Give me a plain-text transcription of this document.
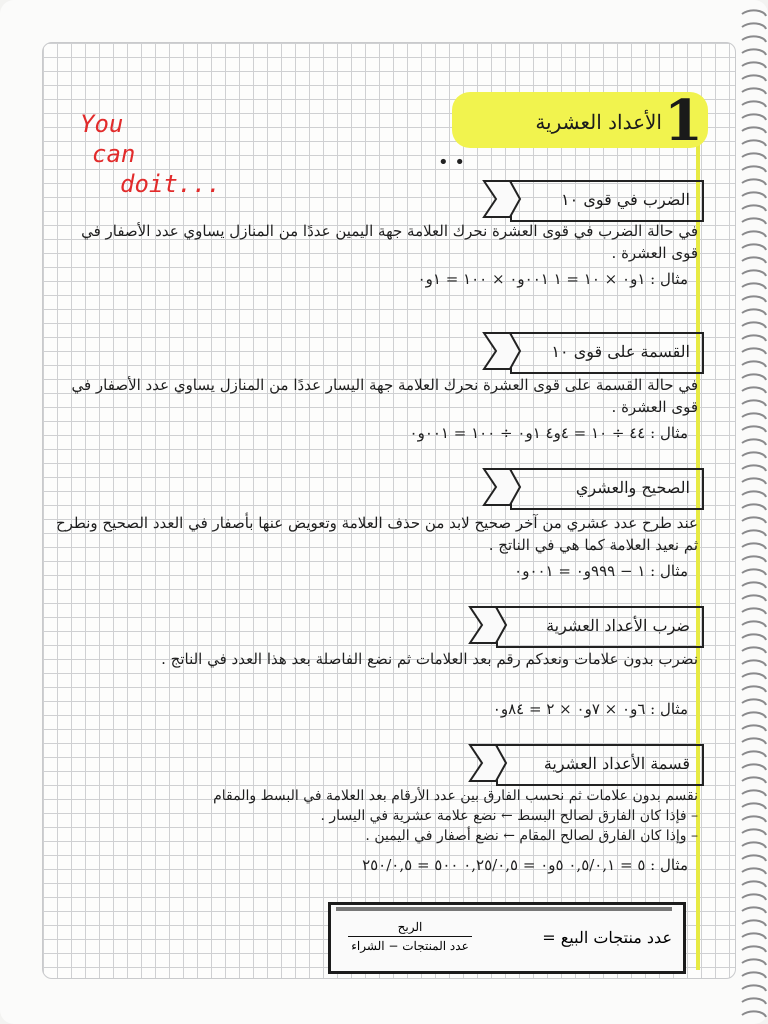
You
can
doit...
1
الأعداد العشرية
• •
الضرب في قوى ١٠
في حالة الضرب في قوى العشرة نحرك العلامة جهة اليمين عددًا من المنازل يساوي عدد الأصفار في قوى العشرة .
مثال : ١و٠ × ١٠ = ١ ٠٠١و٠ × ١٠٠ = ١و٠
القسمة على قوى ١٠
في حالة القسمة على قوى العشرة نحرك العلامة جهة اليسار عددًا من المنازل يساوي عدد الأصفار في قوى العشرة .
مثال : ٤٤ ÷ ١٠ = ٤و٤ ١و٠ ÷ ١٠٠ = ٠٠١و٠
الصحيح والعشري
عند طرح عدد عشري من آخر صحيح لابد من حذف العلامة وتعويض عنها بأصفار في العدد الصحيح ونطرح ثم نعيد العلامة كما هي في الناتج .
مثال : ١ − ٩٩٩و٠ = ٠٠١و٠
ضرب الأعداد العشرية
نضرب بدون علامات ونعدكم رقم بعد العلامات ثم نضع الفاصلة بعد هذا العدد في الناتج .
مثال : ٦و٠ × ٧و٠ × ٢ = ٨٤و٠
قسمة الأعداد العشرية
نقسم بدون علامات ثم نحسب الفارق بين عدد الأرقام بعد العلامة في البسط والمقام
– فإذا كان الفارق لصالح البسط ← نضع علامة عشرية في اليسار .
– وإذا كان الفارق لصالح المقام ← نضع أصفار في اليمين .
مثال : ٥ = ٠,٥/٠,١ ٥و٠ = ٠,٢٥/٠,٥ ٥٠٠ = ٢٥٠/٠,٥
عدد منتجات البيع =
الربح
عدد المنتجات − الشراء
